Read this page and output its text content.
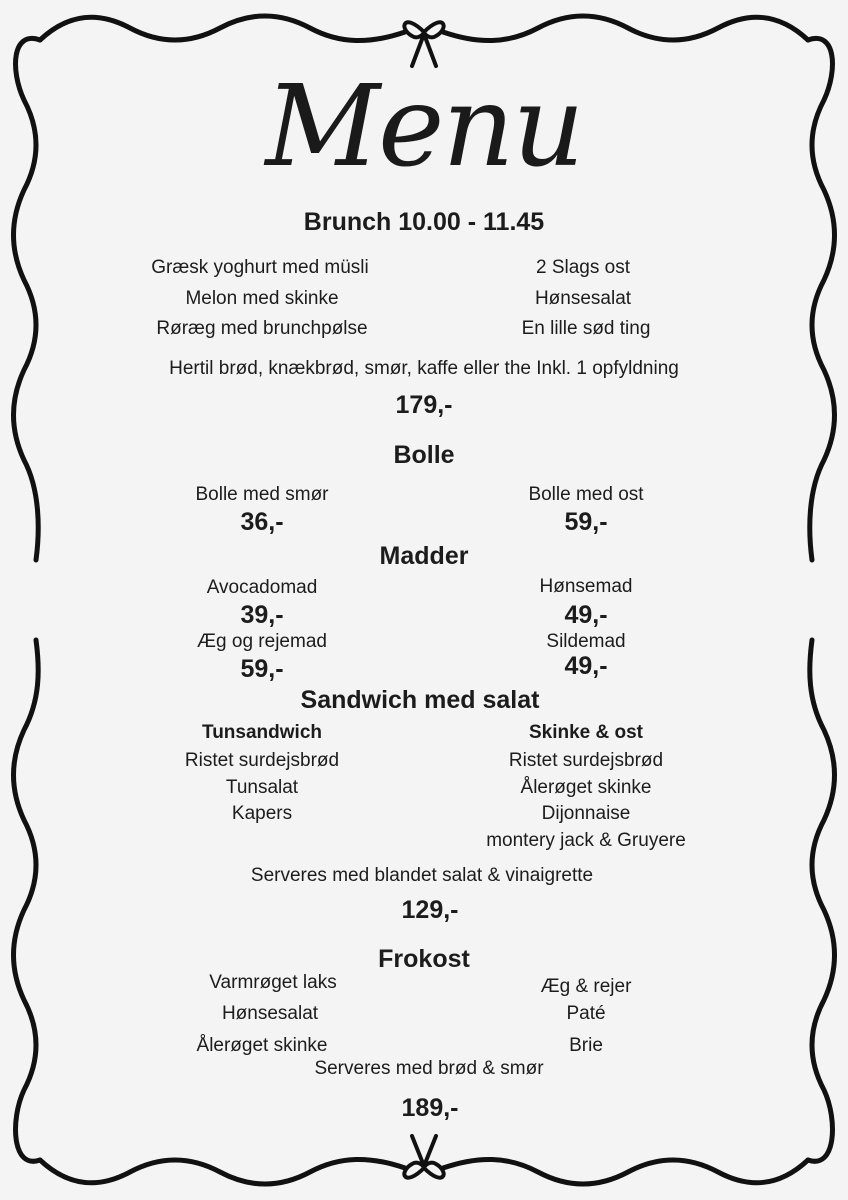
Menu
Brunch 10.00 - 11.45
Græsk yoghurt med müsli
Melon med skinke
Røræg med brunchpølse
2 Slags ost
Hønsesalat
En lille sød ting
Hertil brød, knækbrød, smør, kaffe eller the Inkl. 1 opfyldning
179,-
Bolle
Bolle med smør
36,-
Bolle med ost
59,-
Madder
Avocadomad
39,-
Hønsemad
49,-
Æg og rejemad
59,-
Sildemad
49,-
Sandwich med salat
Tunsandwich
Ristet surdejsbrød
Tunsalat
Kapers
Skinke & ost
Ristet surdejsbrød
Ålerøget skinke
Dijonnaise
montery jack & Gruyere
Serveres med blandet salat & vinaigrette
129,-
Frokost
Varmrøget laks
Hønsesalat
Ålerøget skinke
Æg & rejer
Paté
Brie
Serveres med brød & smør
189,-
